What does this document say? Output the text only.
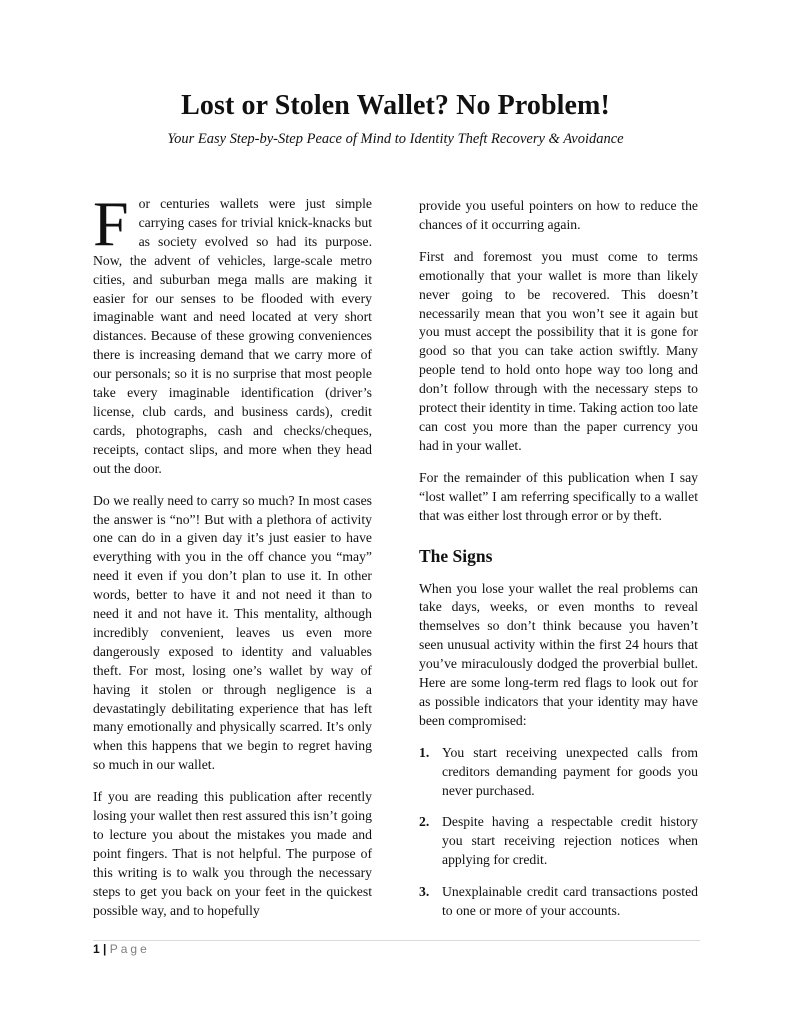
Lost or Stolen Wallet? No Problem!
Your Easy Step-by-Step Peace of Mind to Identity Theft Recovery & Avoidance

For centuries wallets were just simple carrying cases for trivial knick-knacks but as society evolved so had its purpose. Now, the advent of vehicles, large-scale metro cities, and suburban mega malls are making it easier for our senses to be flooded with every imaginable want and need located at very short distances. Because of these growing conveniences there is increasing demand that we carry more of our personals; so it is no surprise that most people take every imaginable identification (driver’s license, club cards, and business cards), credit cards, photographs, cash and checks/cheques, receipts, contact slips, and more when they head out the door.

Do we really need to carry so much? In most cases the answer is “no”! But with a plethora of activity one can do in a given day it’s just easier to have everything with you in the off chance you “may” need it even if you don’t plan to use it. In other words, better to have it and not need it than to need it and not have it. This mentality, although incredibly convenient, leaves us even more dangerously exposed to identity and valuables theft. For most, losing one’s wallet by way of having it stolen or through negligence is a devastatingly debilitating experience that has left many emotionally and physically scarred. It’s only when this happens that we begin to regret having so much in our wallet.

If you are reading this publication after recently losing your wallet then rest assured this isn’t going to lecture you about the mistakes you made and point fingers. That is not helpful. The purpose of this writing is to walk you through the necessary steps to get you back on your feet in the quickest possible way, and to hopefully

provide you useful pointers on how to reduce the chances of it occurring again.

First and foremost you must come to terms emotionally that your wallet is more than likely never going to be recovered. This doesn’t necessarily mean that you won’t see it again but you must accept the possibility that it is gone for good so that you can take action swiftly. Many people tend to hold onto hope way too long and don’t follow through with the necessary steps to protect their identity in time. Taking action too late can cost you more than the paper currency you had in your wallet.

For the remainder of this publication when I say “lost wallet” I am referring specifically to a wallet that was either lost through error or by theft.

The Signs

When you lose your wallet the real problems can take days, weeks, or even months to reveal themselves so don’t think because you haven’t seen unusual activity within the first 24 hours that you’ve miraculously dodged the proverbial bullet. Here are some long-term red flags to look out for as possible indicators that your identity may have been compromised:

1. You start receiving unexpected calls from creditors demanding payment for goods you never purchased.
2. Despite having a respectable credit history you start receiving rejection notices when applying for credit.
3. Unexplainable credit card transactions posted to one or more of your accounts.
1 | Page
